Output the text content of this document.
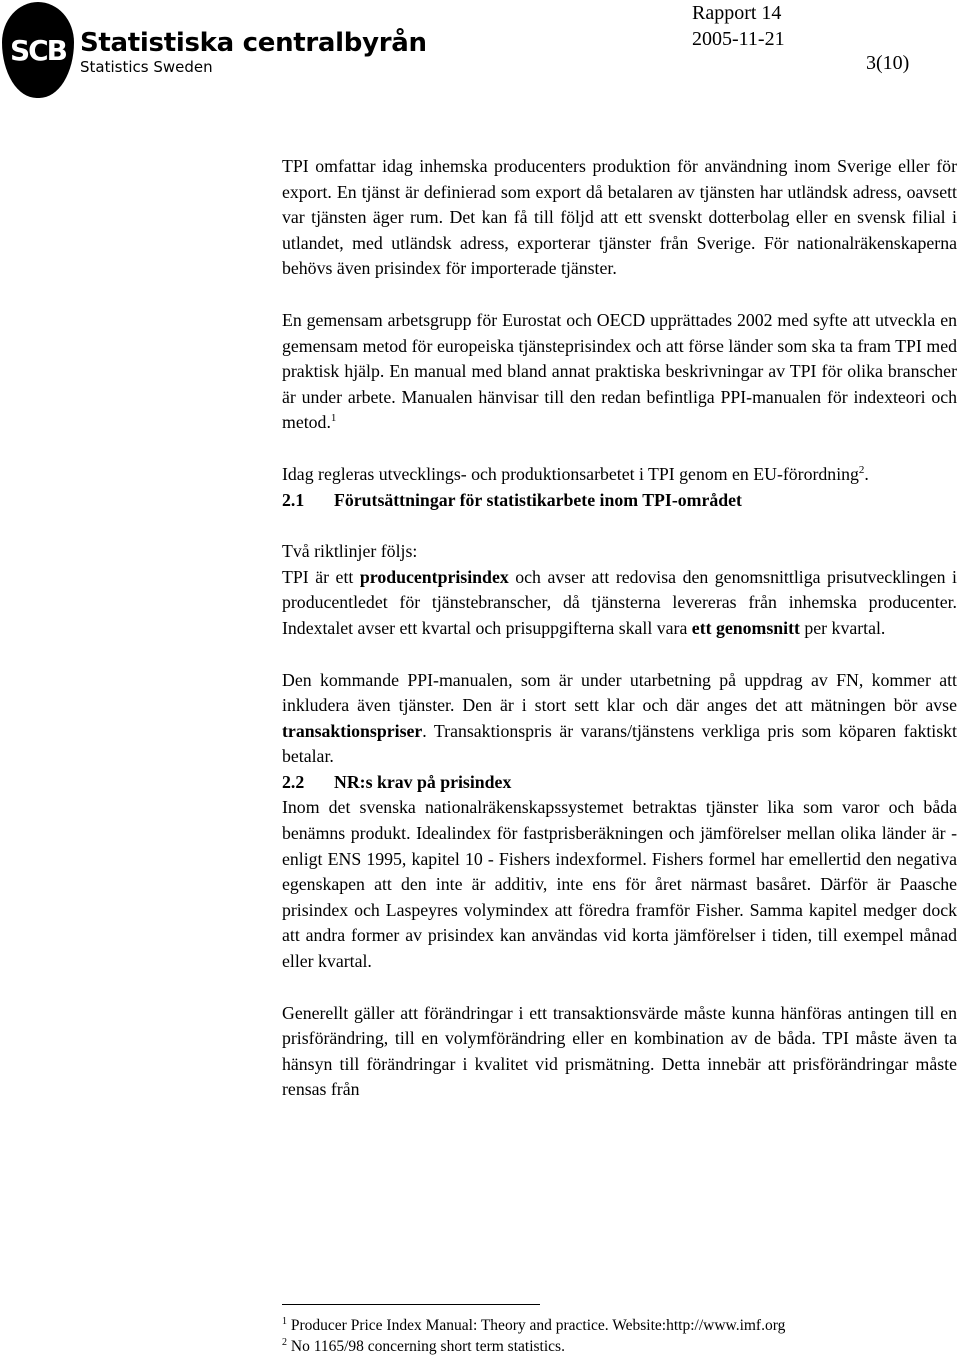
SCB Statistiska centralbyrån
Statistics Sweden
Rapport 14
2005-11-21
3(10)

TPI omfattar idag inhemska producenters produktion för användning inom Sverige eller för export. En tjänst är definierad som export då betalaren av tjänsten har utländsk adress, oavsett var tjänsten äger rum. Det kan få till följd att ett svenskt dotterbolag eller en svensk filial i utlandet, med utländsk adress, exporterar tjänster från Sverige. För nationalräkenskaperna behövs även prisindex för importerade tjänster.

En gemensam arbetsgrupp för Eurostat och OECD upprättades 2002 med syfte att utveckla en gemensam metod för europeiska tjänsteprisindex och att förse länder som ska ta fram TPI med praktisk hjälp. En manual med bland annat praktiska beskrivningar av TPI för olika branscher är under arbete. Manualen hänvisar till den redan befintliga PPI-manualen för indexteori och metod.$^1$

Idag regleras utvecklings- och produktionsarbetet i TPI genom en EU-förordning$^2$.

2.1 Förutsättningar för statistikarbete inom TPI-området

Två riktlinjer följs:

TPI är ett producentprisindex och avser att redovisa den genomsnittliga prisutvecklingen i producentledet för tjänstebranscher, då tjänsterna levereras från inhemska producenter. Indextalet avser ett kvartal och prisuppgifterna skall vara ett genomsnitt per kvartal.

Den kommande PPI-manualen, som är under utarbetning på uppdrag av FN, kommer att inkludera även tjänster. Den är i stort sett klar och där anges det att mätningen bör avse transaktionspriser. Transaktionspris är varans/tjänstens verkliga pris som köparen faktiskt betalar.

2.2 NR:s krav på prisindex

Inom det svenska nationalräkenskapssystemet betraktas tjänster lika som varor och båda benämns produkt. Idealindex för fastprisberäkningen och jämförelser mellan olika länder är - enligt ENS 1995, kapitel 10 - Fishers indexformel. Fishers formel har emellertid den negativa egenskapen att den inte är additiv, inte ens för året närmast basåret. Därför är Paasche prisindex och Laspeyres volymindex att föredra framför Fisher. Samma kapitel medger dock att andra former av prisindex kan användas vid korta jämförelser i tiden, till exempel månad eller kvartal.

Generellt gäller att förändringar i ett transaktionsvärde måste kunna hänföras antingen till en prisförändring, till en volymförändring eller en kombination av de båda. TPI måste även ta hänsyn till förändringar i kvalitet vid prismätning. Detta innebär att prisförändringar måste rensas från

$^1$ Producer Price Index Manual: Theory and practice. Website:http://www.imf.org
$^2$ No 1165/98 concerning short term statistics.
